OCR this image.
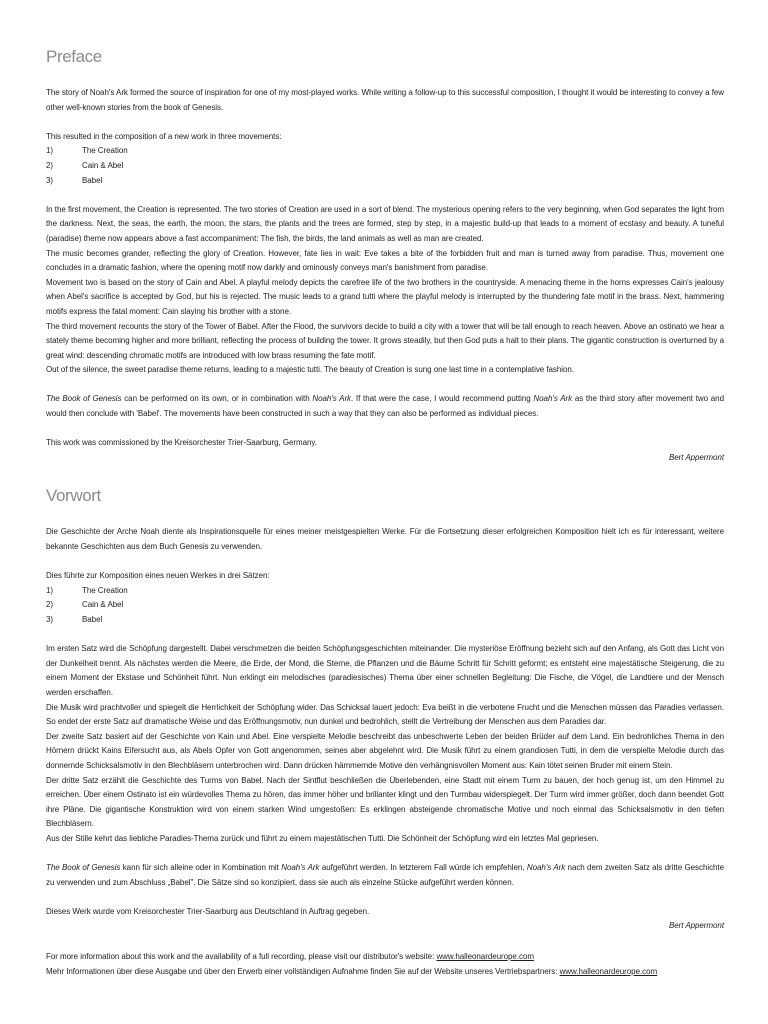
Preface

The story of Noah's Ark formed the source of inspiration for one of my most-played works. While writing a follow-up to this successful composition, I thought it would be interesting to convey a few other well-known stories from the book of Genesis.

This resulted in the composition of a new work in three movements:

1)	The Creation
2)	Cain & Abel
3)	Babel

In the first movement, the Creation is represented. The two stories of Creation are used in a sort of blend. The mysterious opening refers to the very beginning, when God separates the light from the darkness. Next, the seas, the earth, the moon, the stars, the plants and the trees are formed, step by step, in a majestic build-up that leads to a moment of ecstasy and beauty. A tuneful (paradise) theme now appears above a fast accompaniment: The fish, the birds, the land animals as well as man are created.

The music becomes grander, reflecting the glory of Creation. However, fate lies in wait: Eve takes a bite of the forbidden fruit and man is turned away from paradise. Thus, movement one concludes in a dramatic fashion, where the opening motif now darkly and ominously conveys man's banishment from paradise.

Movement two is based on the story of Cain and Abel. A playful melody depicts the carefree life of the two brothers in the countryside. A menacing theme in the horns expresses Cain's jealousy when Abel's sacrifice is accepted by God, but his is rejected. The music leads to a grand tutti where the playful melody is interrupted by the thundering fate motif in the brass. Next, hammering motifs express the fatal moment: Cain slaying his brother with a stone.

The third movement recounts the story of the Tower of Babel. After the Flood, the survivors decide to build a city with a tower that will be tall enough to reach heaven. Above an ostinato we hear a stately theme becoming higher and more brilliant, reflecting the process of building the tower. It grows steadily, but then God puts a halt to their plans. The gigantic construction is overturned by a great wind: descending chromatic motifs are introduced with low brass resuming the fate motif.

Out of the silence, the sweet paradise theme returns, leading to a majestic tutti. The beauty of Creation is sung one last time in a contemplative fashion.

The Book of Genesis can be performed on its own, or in combination with Noah's Ark. If that were the case, I would recommend putting Noah's Ark as the third story after movement two and would then conclude with 'Babel'. The movements have been constructed in such a way that they can also be performed as individual pieces.

This work was commissioned by the Kreisorchester Trier-Saarburg, Germany.

Bert Appermont
Vorwort

Die Geschichte der Arche Noah diente als Inspirationsquelle für eines meiner meistgespielten Werke. Für die Fortsetzung dieser erfolgreichen Komposition hielt ich es für interessant, weitere bekannte Geschichten aus dem Buch Genesis zu verwenden.

Dies führte zur Komposition eines neuen Werkes in drei Sätzen:

1)	The Creation
2)	Cain & Abel
3)	Babel

Im ersten Satz wird die Schöpfung dargestellt. Dabei verschmelzen die beiden Schöpfungsgeschichten miteinander. Die mysteriöse Eröffnung bezieht sich auf den Anfang, als Gott das Licht von der Dunkelheit trennt. Als nächstes werden die Meere, die Erde, der Mond, die Sterne, die Pflanzen und die Bäume Schritt für Schritt geformt; es entsteht eine majestätische Steigerung, die zu einem Moment der Ekstase und Schönheit führt. Nun erklingt ein melodisches (paradiesisches) Thema über einer schnellen Begleitung: Die Fische, die Vögel, die Landtiere und der Mensch werden erschaffen.

Die Musik wird prachtvoller und spiegelt die Herrlichkeit der Schöpfung wider. Das Schicksal lauert jedoch: Eva beißt in die verbotene Frucht und die Menschen müssen das Paradies verlassen. So endet der erste Satz auf dramatische Weise und das Eröffnungsmotiv, nun dunkel und bedrohlich, stellt die Vertreibung der Menschen aus dem Paradies dar.

Der zweite Satz basiert auf der Geschichte von Kain und Abel. Eine verspielte Melodie beschreibt das unbeschwerte Leben der beiden Brüder auf dem Land. Ein bedrohliches Thema in den Hörnern drückt Kains Eifersucht aus, als Abels Opfer von Gott angenommen, seines aber abgelehnt wird. Die Musik führt zu einem grandiosen Tutti, in dem die verspielte Melodie durch das donnernde Schicksalsmotiv in den Blechbläsern unterbrochen wird. Dann drücken hämmernde Motive den verhängnisvollen Moment aus: Kain tötet seinen Bruder mit einem Stein.

Der dritte Satz erzählt die Geschichte des Turms von Babel. Nach der Sintflut beschließen die Überlebenden, eine Stadt mit einem Turm zu bauen, der hoch genug ist, um den Himmel zu erreichen. Über einem Ostinato ist ein würdevolles Thema zu hören, das immer höher und brillanter klingt und den Turmbau widerspiegelt. Der Turm wird immer größer, doch dann beendet Gott ihre Pläne. Die gigantische Konstruktion wird von einem starken Wind umgestoßen: Es erklingen absteigende chromatische Motive und noch einmal das Schicksalsmotiv in den tiefen Blechbläsern.

Aus der Stille kehrt das liebliche Paradies-Thema zurück und führt zu einem majestätischen Tutti. Die Schönheit der Schöpfung wird ein letztes Mal gepriesen.

The Book of Genesis kann für sich alleine oder in Kombination mit Noah's Ark aufgeführt werden. In letzterem Fall würde ich empfehlen, Noah's Ark nach dem zweiten Satz als dritte Geschichte zu verwenden und zum Abschluss „Babel". Die Sätze sind so konzipiert, dass sie auch als einzelne Stücke aufgeführt werden können.

Dieses Werk wurde vom Kreisorchester Trier-Saarburg aus Deutschland in Auftrag gegeben.

Bert Appermont
For more information about this work and the availability of a full recording, please visit our distributor's website: www.halleonardeurope.com
Mehr Informationen über diese Ausgabe und über den Erwerb einer vollständigen Aufnahme finden Sie auf der Website unseres Vertriebspartners: www.halleonardeurope.com
